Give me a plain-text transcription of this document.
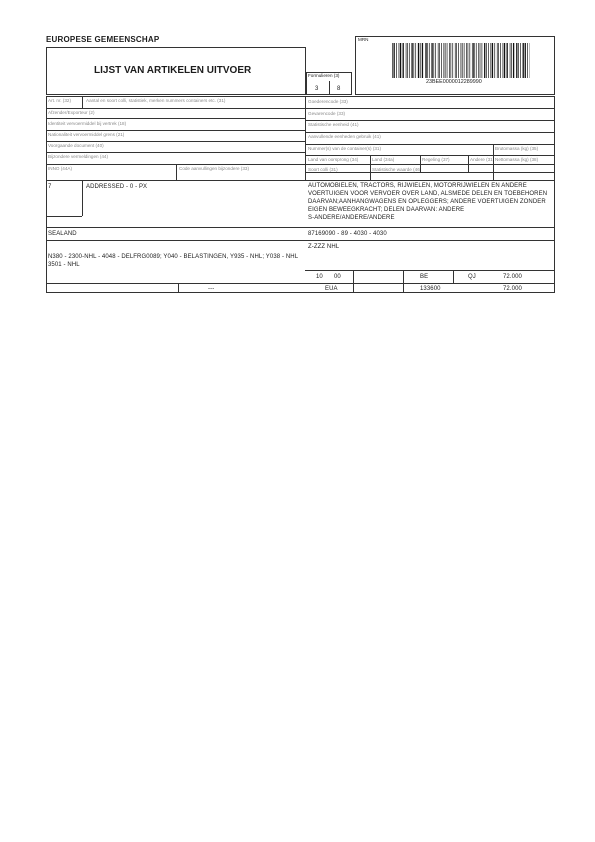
EUROPESE GEMEENSCHAP
LIJST VAN ARTIKELEN UITVOER	Formulieren (3)
3	8
MRN
23BEE0000012289990
Art. nr. (32)	Aantal en soort colli, statistiek, merken nummers containers etc. (31)
Afzender/Exporteur (2)
Identiteit vervoermiddel bij vertrek (18)
Nationaliteit vervoermiddel grens (21)
Voorgaande document (40)
Bijzondere vermeldingen (44)
INNO (44A)	Code aanvullingen bijzondere (33)
Goederencode (33)
Gevarencode (33)
Statistische eenheid (41)
Aanvullende eenheden gebruik (41)
Nummer(s) van de container(s) (31)	Brutomassa (kg) (35)
Land van oorsprong (34)	Land (34a)	Regeling (37)	Andere (31) Nettomassa (kg) (38)
Soort colli (31)	Statistische waarde (46)
7	ADDRESSED - 0 - PX	AUTOMOBIELEN, TRACTORS, RIJWIELEN, MOTORRIJWIELEN EN ANDERE
VOERTUIGEN VOOR VERVOER OVER LAND, ALSMEDE DELEN EN TOEBEHOREN
DAARVAN;AANHANGWAGENS EN OPLEGGERS; ANDERE VOERTUIGEN ZONDER
EIGEN BEWEEGKRACHT; DELEN DAARVAN: ANDERE
S-ANDERE/ANDERE/ANDERE
SEALAND	87169090 - 89 - 4030 - 4030
Z-ZZZ NHL
N380 - 2300-NHL - 4048 - DELFRG0089; Y040 - BELASTINGEN, Y935 - NHL; Y038 - NHL
3501 - NHL
10 00	BE	QJ	72.000
---	EUA	133600	72.000
